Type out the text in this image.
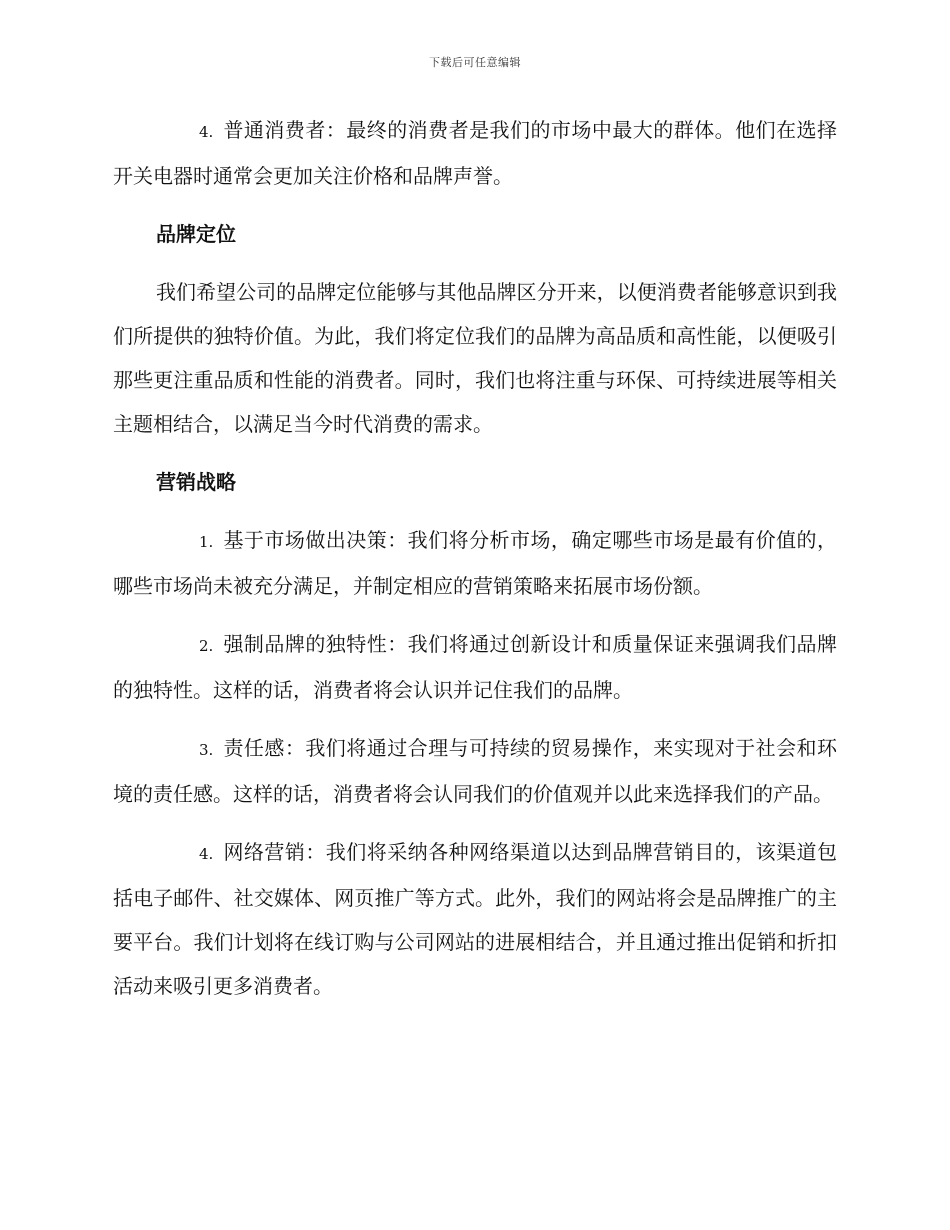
下载后可任意编辑

4. 普通消费者：最终的消费者是我们的市场中最大的群体。他们在选择开关电器时通常会更加关注价格和品牌声誉。

品牌定位

我们希望公司的品牌定位能够与其他品牌区分开来，以便消费者能够意识到我们所提供的独特价值。为此，我们将定位我们的品牌为高品质和高性能，以便吸引那些更注重品质和性能的消费者。同时，我们也将注重与环保、可持续进展等相关主题相结合，以满足当今时代消费的需求。

营销战略

1. 基于市场做出决策：我们将分析市场，确定哪些市场是最有价值的，哪些市场尚未被充分满足，并制定相应的营销策略来拓展市场份额。

2. 强制品牌的独特性：我们将通过创新设计和质量保证来强调我们品牌的独特性。这样的话，消费者将会认识并记住我们的品牌。

3. 责任感：我们将通过合理与可持续的贸易操作，来实现对于社会和环境的责任感。这样的话，消费者将会认同我们的价值观并以此来选择我们的产品。

4. 网络营销：我们将采纳各种网络渠道以达到品牌营销目的，该渠道包括电子邮件、社交媒体、网页推广等方式。此外，我们的网站将会是品牌推广的主要平台。我们计划将在线订购与公司网站的进展相结合，并且通过推出促销和折扣活动来吸引更多消费者。
